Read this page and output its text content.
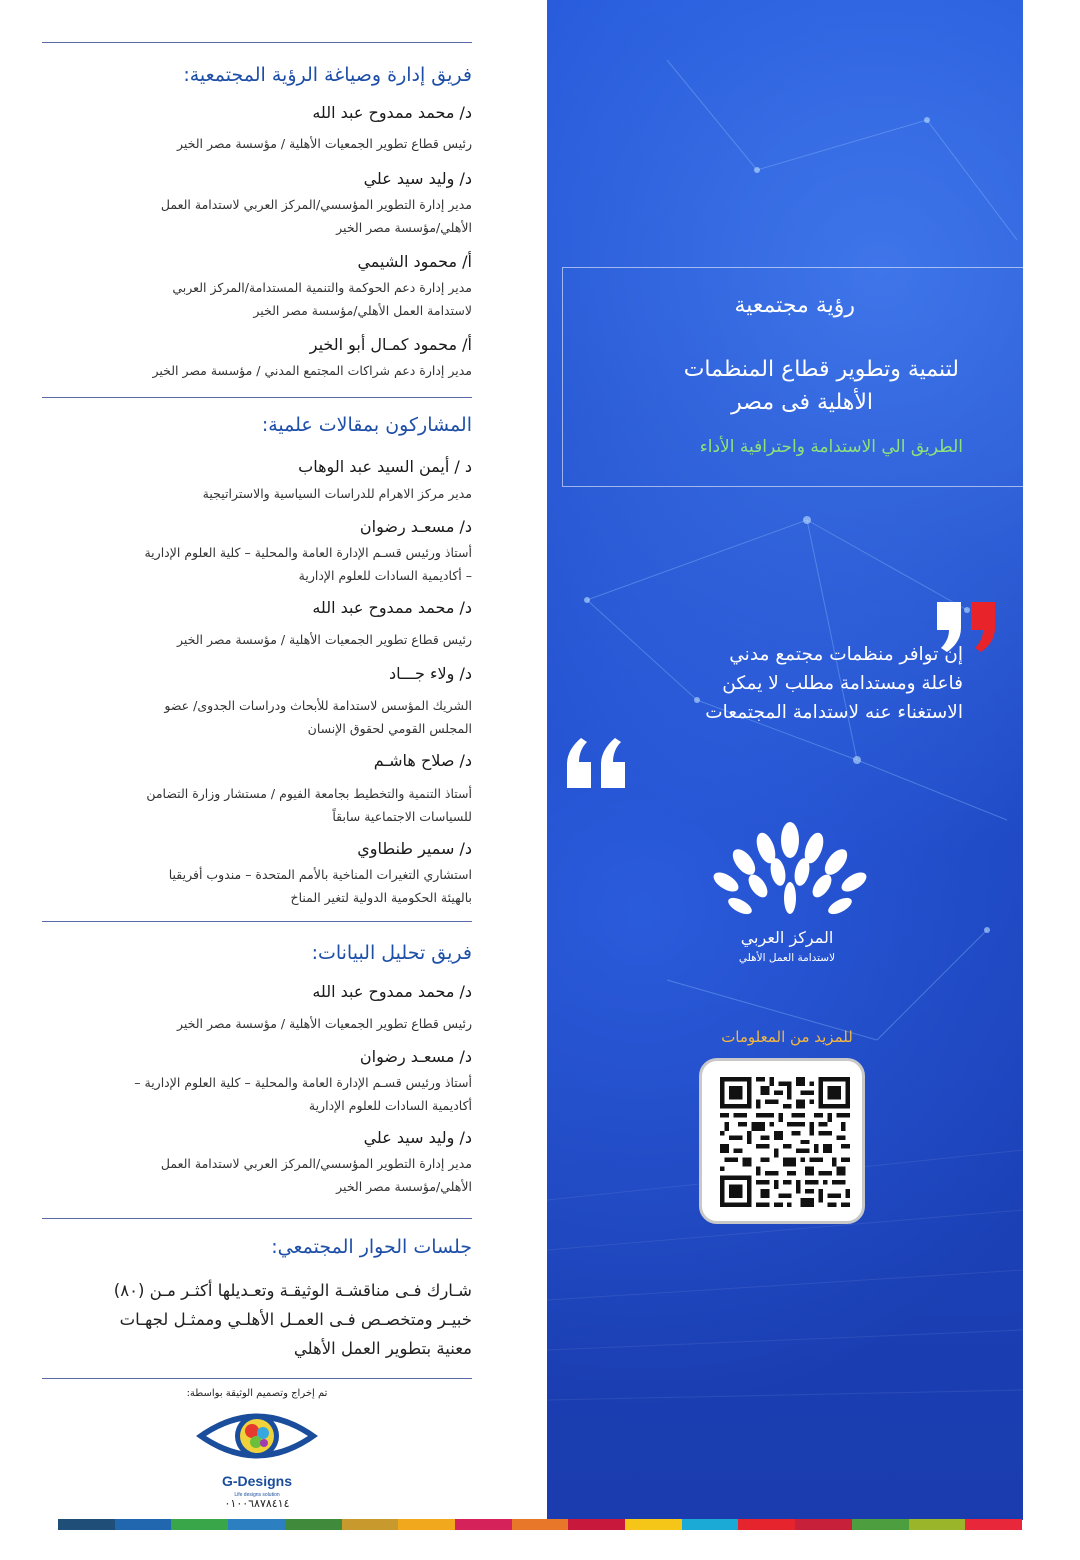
فريق إدارة وصياغة الرؤية المجتمعية:
د/ محمد ممدوح عبد الله
رئيس قطاع تطوير الجمعيات الأهلية / مؤسسة مصر الخير
د/ وليد سيد علي
مدير إدارة التطوير المؤسسي/المركز العربي لاستدامة العمل
الأهلي/مؤسسة مصر الخير
أ/ محمود الشيمي
مدير إدارة دعم الحوكمة والتنمية المستدامة/المركز العربي
لاستدامة العمل الأهلي/مؤسسة مصر الخير
أ/ محمود كمـال أبو الخير
مدير إدارة دعم شراكات المجتمع المدني / مؤسسة مصر الخير
المشاركون بمقالات علمية:
د / أيمن السيد عبد الوهاب
مدير مركز الاهرام للدراسات السياسية والاستراتيجية
د/ مسعـد رضوان
أستاذ ورئيس قسـم الإدارة العامة والمحلية – كلية العلوم الإدارية
– أكاديمية السادات للعلوم الإدارية
د/ محمد ممدوح عبد الله
رئيس قطاع تطوير الجمعيات الأهلية / مؤسسة مصر الخير
د/ ولاء جـــاد
الشريك المؤسس لاستدامة للأبحاث ودراسات الجدوى/ عضو
المجلس القومي لحقوق الإنسان
د/ صلاح هاشـم
أستاذ التنمية والتخطيط بجامعة الفيوم / مستشار وزارة التضامن
للسياسات الاجتماعية سابقاً
د/ سمير طنطاوي
استشاري التغيرات المناخية بالأمم المتحدة – مندوب أفريقيا
بالهيئة الحكومية الدولية لتغير المناخ
فريق تحليل البيانات:
د/ محمد ممدوح عبد الله
رئيس قطاع تطوير الجمعيات الأهلية / مؤسسة مصر الخير
د/ مسعـد رضوان
أستاذ ورئيس قسـم الإدارة العامة والمحلية – كلية العلوم الإدارية –
أكاديمية السادات للعلوم الإدارية
د/ وليد سيد علي
مدير إدارة التطوير المؤسسي/المركز العربي لاستدامة العمل
الأهلي/مؤسسة مصر الخير
جلسات الحوار المجتمعي:
شـارك فـى مناقشـة الوثيقـة وتعـديلها أكثـر مـن (٨٠)
خبيـر ومتخصـص فـى العمـل الأهلـي وممثـل لجهـات
معنية بتطوير العمل الأهلي
تم إخراج وتصميم الوثيقة بواسطة:
G-Designs
Life designs solution
٠١٠٠٦٨٧٨٤١٤
رؤية مجتمعية
لتنمية وتطوير قطاع المنظمات
الأهلية فى مصر
الطريق الي الاستدامة واحترافية الأداء
إن توافر منظمات مجتمع مدني
فاعلة ومستدامة مطلب لا يمكن
الاستغناء عنه لاستدامة المجتمعات
المركز العربي
لاستدامة العمل الأهلي
للمزيد من المعلومات
